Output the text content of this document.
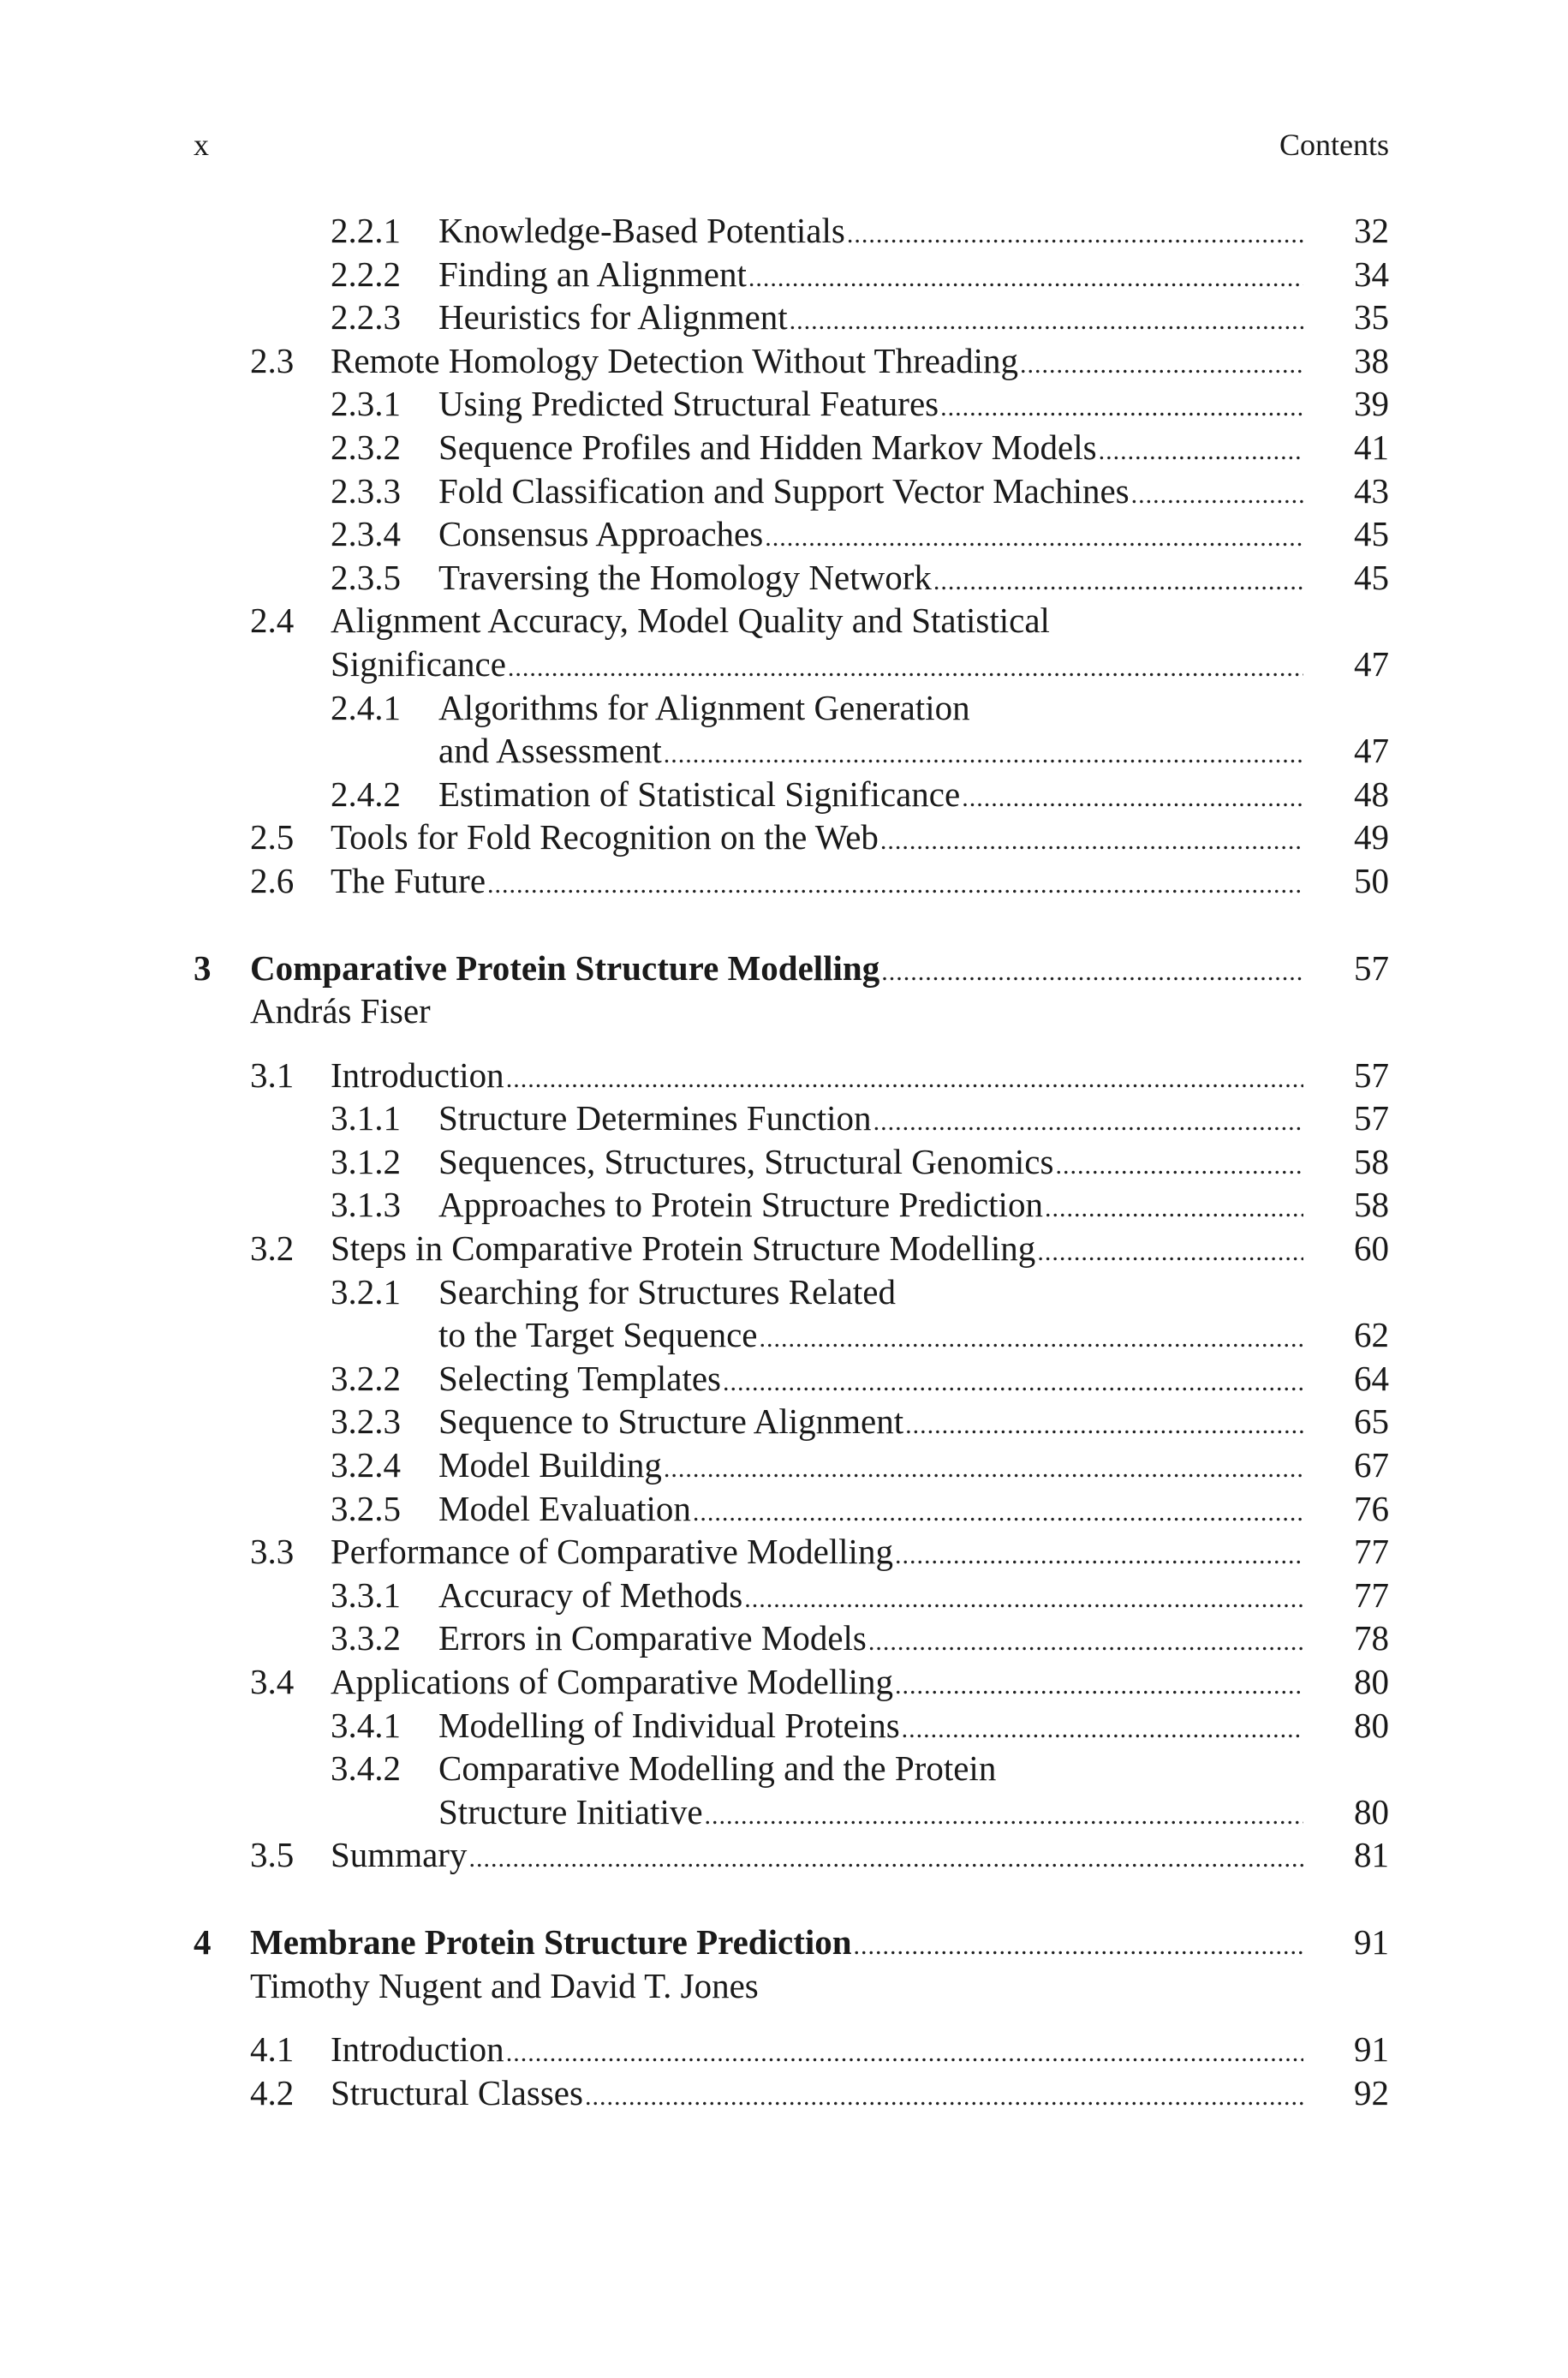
x	Contents
2.2.1 Knowledge-Based Potentials .....	32
2.2.2 Finding an Alignment .....	34
2.2.3 Heuristics for Alignment .....	35
2.3 Remote Homology Detection Without Threading .....	38
2.3.1 Using Predicted Structural Features .....	39
2.3.2 Sequence Profiles and Hidden Markov Models .....	41
2.3.3 Fold Classification and Support Vector Machines .....	43
2.3.4 Consensus Approaches .....	45
2.3.5 Traversing the Homology Network .....	45
2.4 Alignment Accuracy, Model Quality and Statistical
Significance .....	47
2.4.1 Algorithms for Alignment Generation
and Assessment .....	47
2.4.2 Estimation of Statistical Significance .....	48
2.5 Tools for Fold Recognition on the Web .....	49
2.6 The Future .....	50
3 Comparative Protein Structure Modelling .....	57
András Fiser
3.1 Introduction .....	57
3.1.1 Structure Determines Function .....	57
3.1.2 Sequences, Structures, Structural Genomics .....	58
3.1.3 Approaches to Protein Structure Prediction .....	58
3.2 Steps in Comparative Protein Structure Modelling .....	60
3.2.1 Searching for Structures Related
to the Target Sequence .....	62
3.2.2 Selecting Templates .....	64
3.2.3 Sequence to Structure Alignment .....	65
3.2.4 Model Building .....	67
3.2.5 Model Evaluation .....	76
3.3 Performance of Comparative Modelling .....	77
3.3.1 Accuracy of Methods .....	77
3.3.2 Errors in Comparative Models .....	78
3.4 Applications of Comparative Modelling .....	80
3.4.1 Modelling of Individual Proteins .....	80
3.4.2 Comparative Modelling and the Protein
Structure Initiative .....	80
3.5 Summary .....	81
4 Membrane Protein Structure Prediction .....	91
Timothy Nugent and David T. Jones
4.1 Introduction .....	91
4.2 Structural Classes .....	92
